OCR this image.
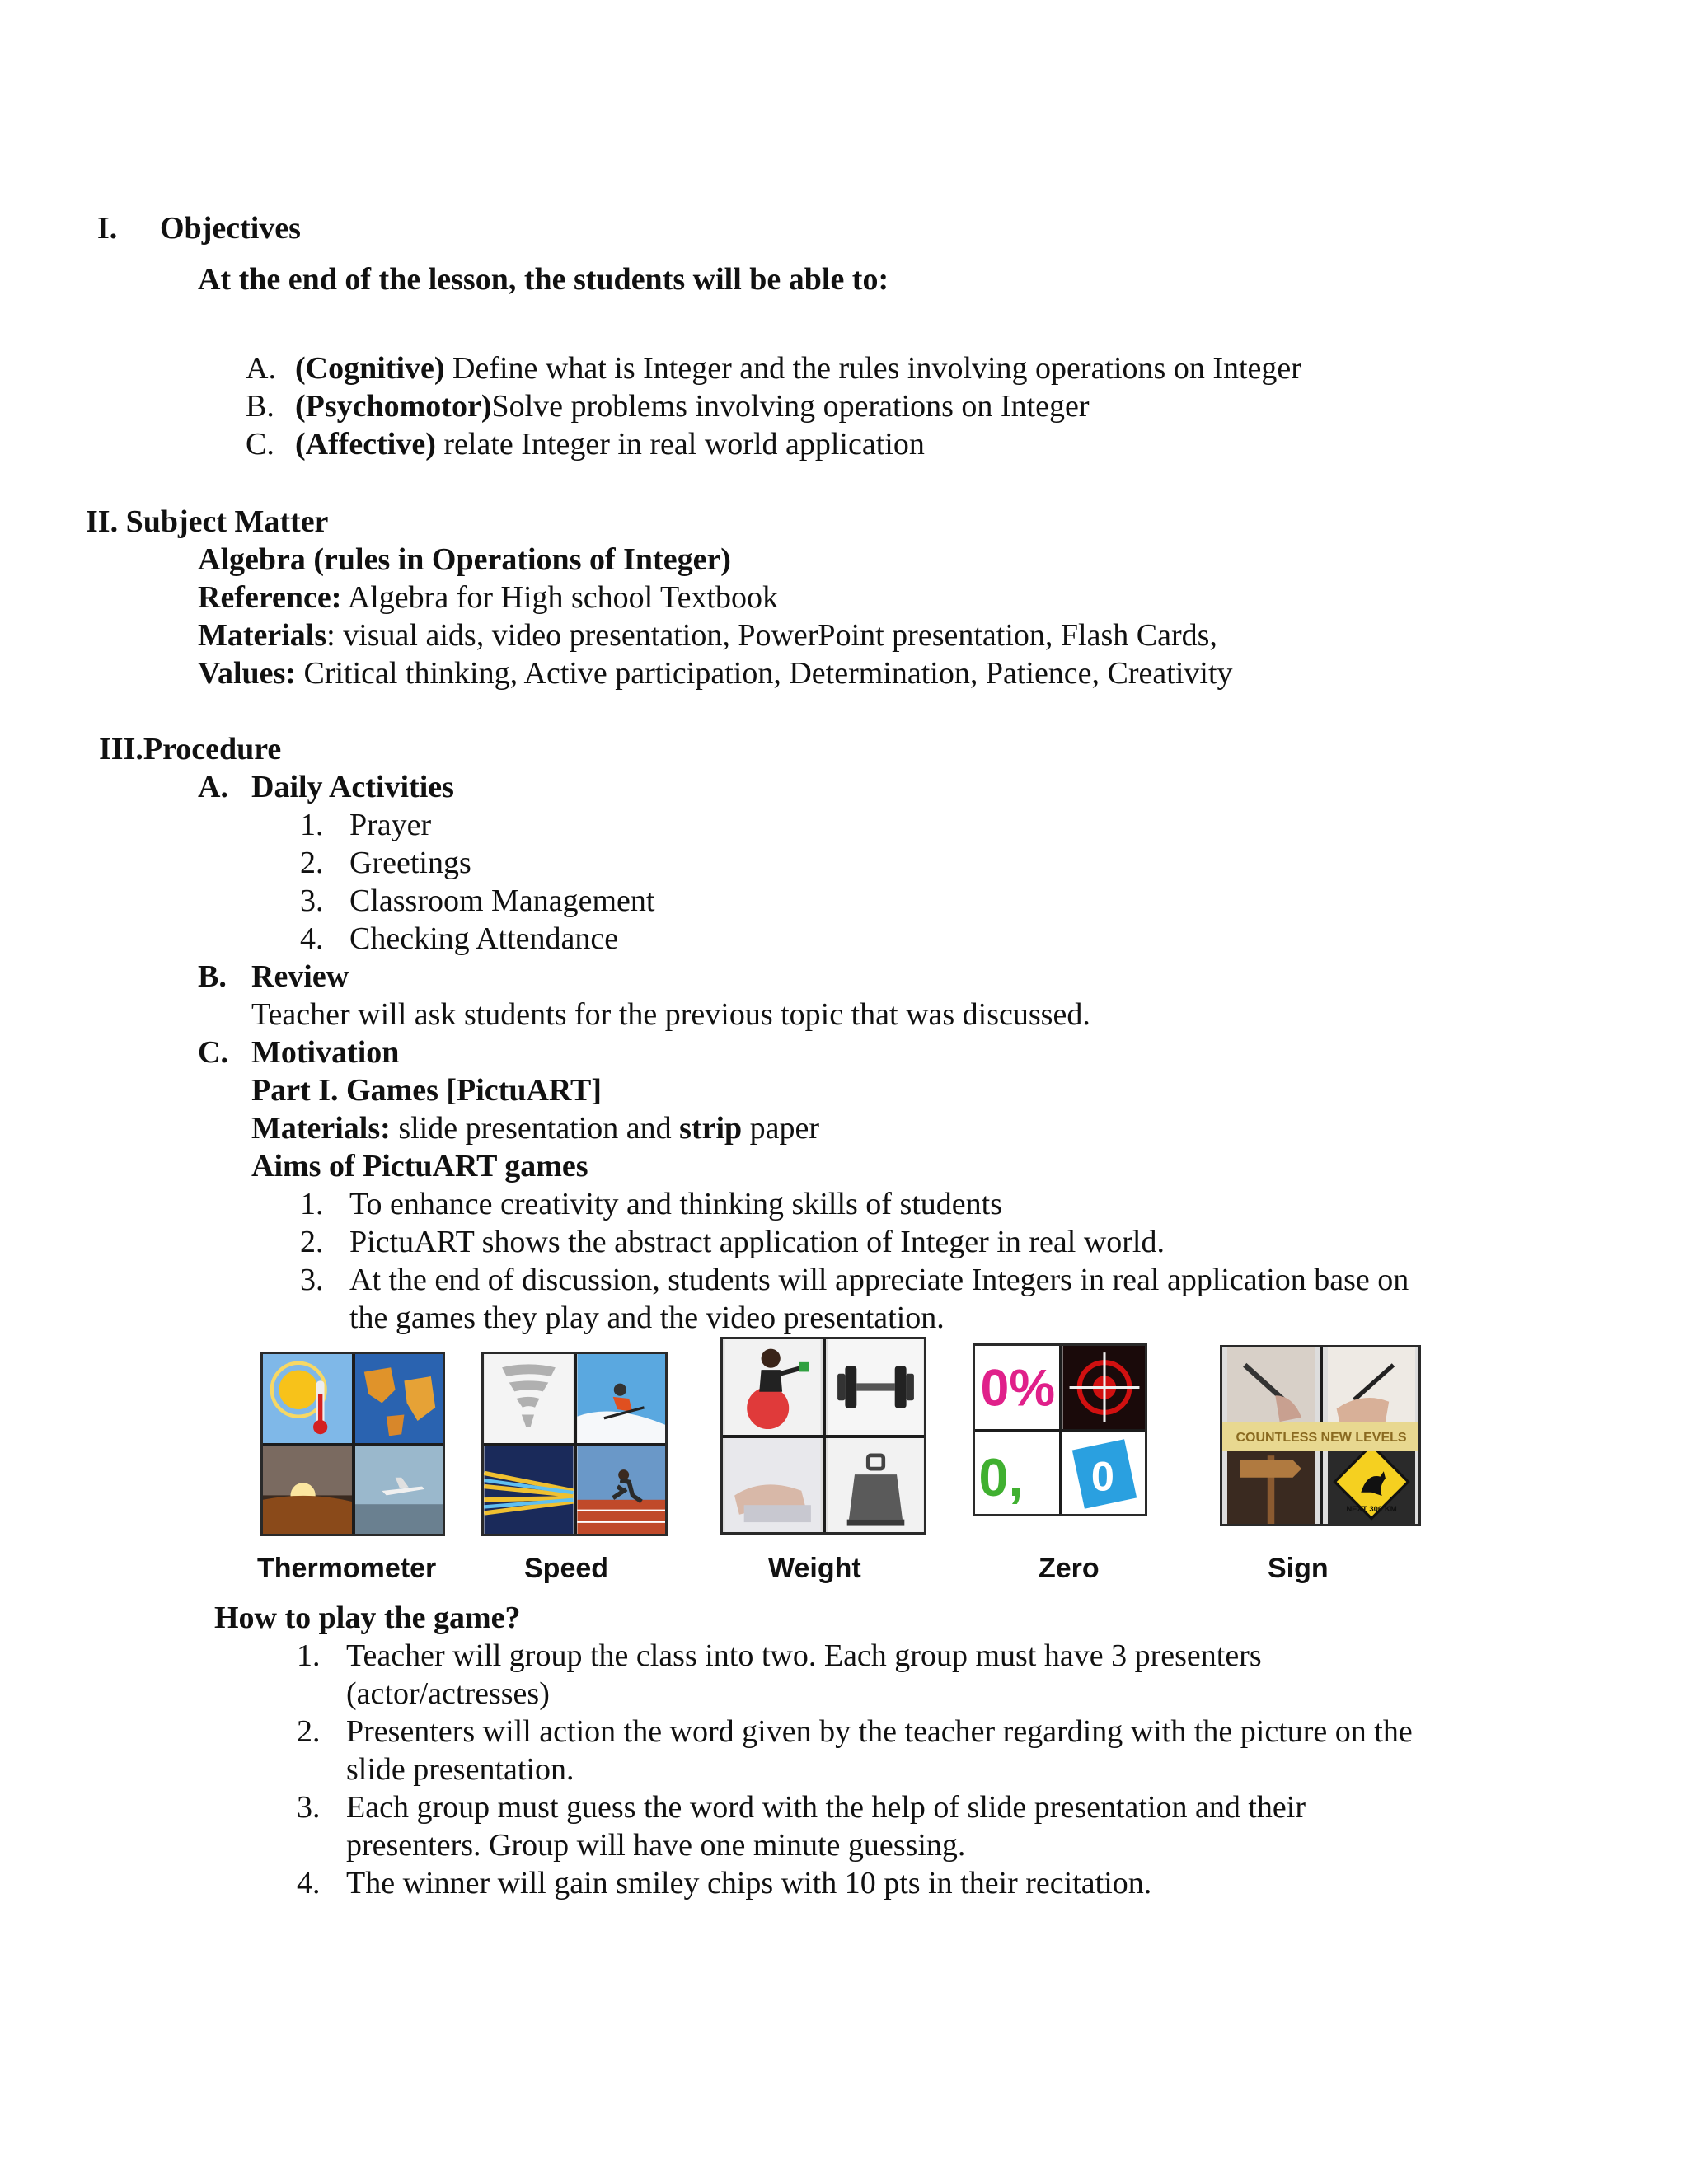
I. Objectives
At the end of the lesson, the students will be able to:
A. (Cognitive) Define what is Integer and the rules involving operations on Integer
B. (Psychomotor)Solve problems involving operations on Integer
C. (Affective) relate Integer in real world application
II. Subject Matter
Algebra (rules in Operations of Integer)
Reference: Algebra for High school Textbook
Materials: visual aids, video presentation, PowerPoint presentation, Flash Cards,
Values: Critical thinking, Active participation, Determination, Patience, Creativity
III.Procedure
A. Daily Activities
1. Prayer
2. Greetings
3. Classroom Management
4. Checking Attendance
B. Review
Teacher will ask students for the previous topic that was discussed.
C. Motivation
Part I. Games [PictuART]
Materials: slide presentation and strip paper
Aims of PictuART games
1. To enhance creativity and thinking skills of students
2. PictuART shows the abstract application of Integer in real world.
3. At the end of discussion, students will appreciate Integers in real application base on
the games they play and the video presentation.
0%
0, 0
NEXT 300 KM
COUNTLESS NEW LEVELS
Thermometer	Speed	Weight	Zero	Sign
How to play the game?
1. Teacher will group the class into two. Each group must have 3 presenters
(actor/actresses)
2. Presenters will action the word given by the teacher regarding with the picture on the
slide presentation.
3. Each group must guess the word with the help of slide presentation and their
presenters. Group will have one minute guessing.
4. The winner will gain smiley chips with 10 pts in their recitation.
